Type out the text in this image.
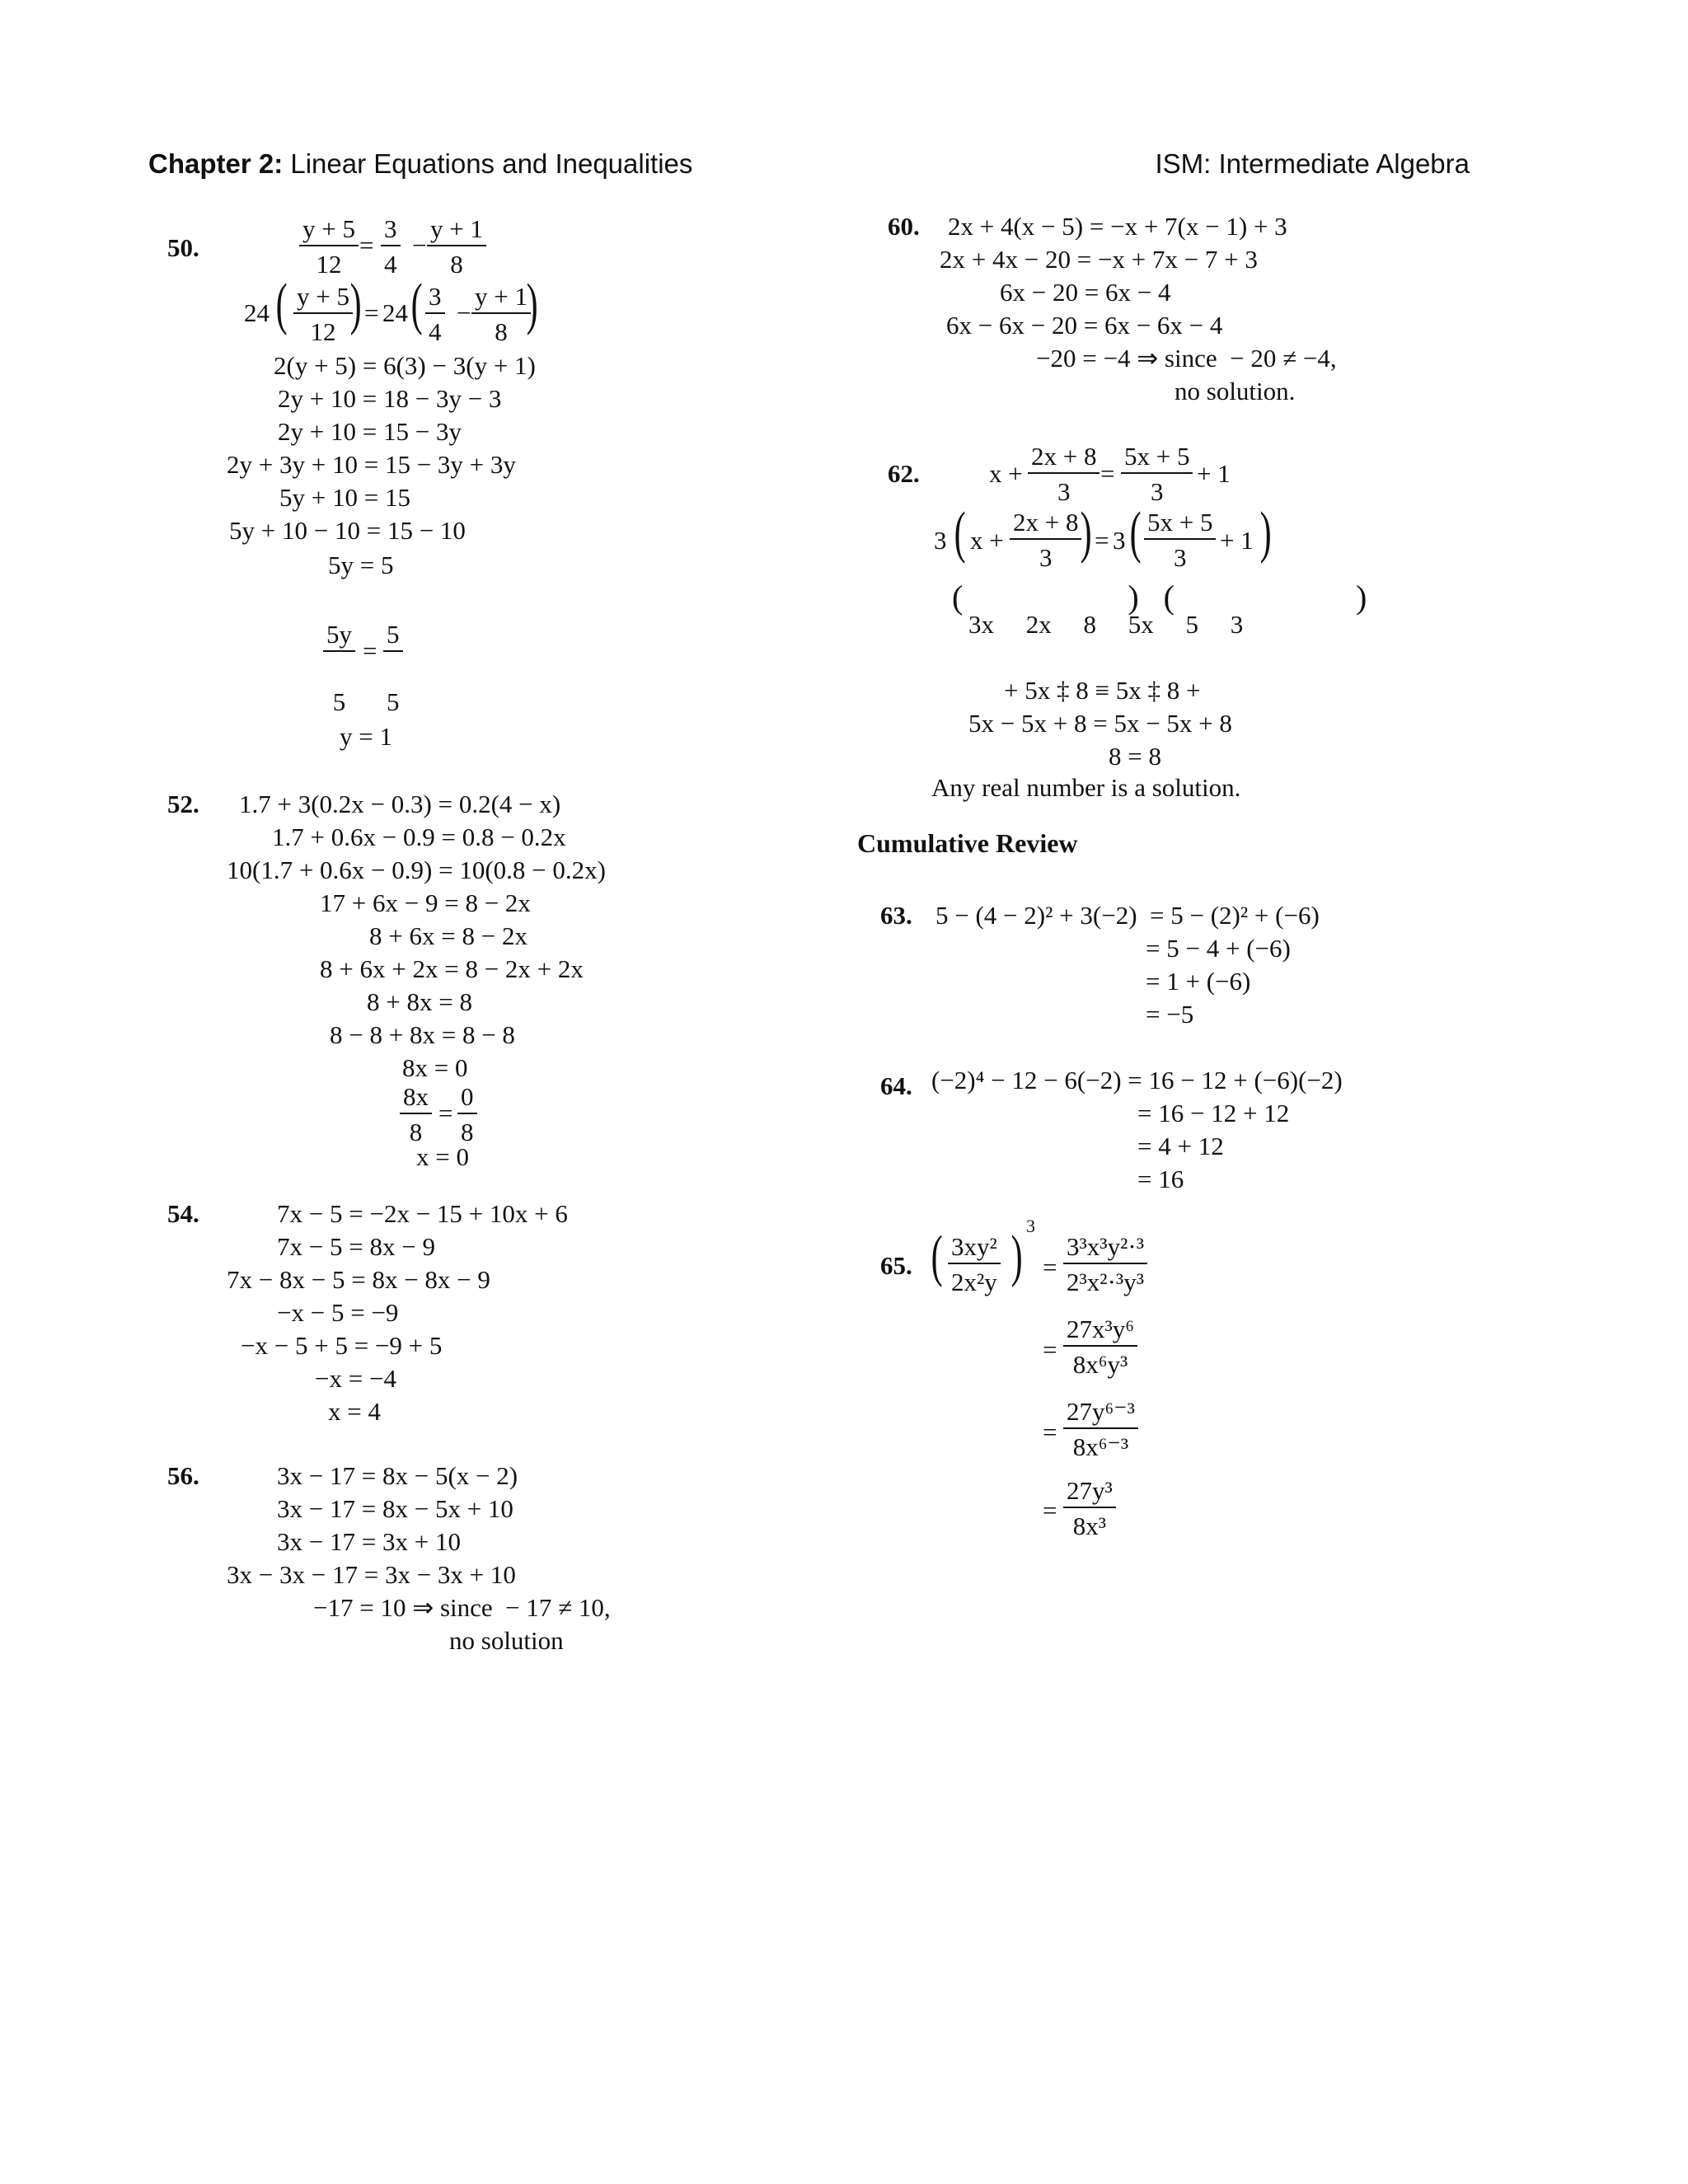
Chapter 2: Linear Equations and Inequalities	ISM: Intermediate Algebra
50.	$\frac{y + 5}{12} = \frac{3}{4} - \frac{y + 1}{8}$
24 ( $\frac{y + 5}{12}$
) = 24 ( $\frac{3}{4} - \frac{y + 1}{8}$
)
2(y + 5) = 6(3) − 3(y + 1)
2y + 10 = 18 − 3y − 3
2y + 10 = 15 − 3y
2y + 3y + 10 = 15 − 3y + 3y
5y + 10 = 15
5y + 10 − 10 = 15 − 10
5y = 5
$\frac{5y}{5} = \frac{5}{5}$
y = 1
52. 1.7 + 3(0.2x − 0.3) = 0.2(4 − x)
1.7 + 0.6x − 0.9 = 0.8 − 0.2x
10(1.7 + 0.6x − 0.9) = 10(0.8 − 0.2x)
17 + 6x − 9 = 8 − 2x
8 + 6x = 8 − 2x
8 + 6x + 2x = 8 − 2x + 2x
8 + 8x = 8
8 − 8 + 8x = 8 − 8
8x = 0
$\frac{8x}{8} = \frac{0}{8}$
x = 0
54.	7x − 5 = −2x − 15 + 10x + 6
7x − 5 = 8x − 9
7x − 8x − 5 = 8x − 8x − 9
−x − 5 = −9
−x − 5 + 5 = −9 + 5
−x = −4
x = 4
56.	3x − 17 = 8x − 5(x − 2)
3x − 17 = 8x − 5x + 10
3x − 17 = 3x + 10
3x − 3x − 17 = 3x − 3x + 10
−17 = 10 ⇒ since  − 17 ≠ 10,
no solution
60. 2x + 4(x − 5) = −x + 7(x − 1) + 3
2x + 4x − 20 = −x + 7x − 7 + 3
6x − 20 = 6x − 4
6x − 6x − 20 = 6x − 6x − 4
−20 = −4 ⇒ since  − 20 ≠ −4,
no solution.
62.	$x + \frac{2x + 8}{3} = \frac{5x + 5}{3} + 1$
3 ( $x + \frac{2x + 8}{3}$
) = 3 ( $\frac{5x + 5}{3} + 1$ )
(                    )   (                      )
3x     2x     8     5x     5     3
+ 5x ‡ 8 ≡ 5x ‡ 8 +
5x − 5x + 8 = 5x − 5x + 8
8 = 8
Any real number is a solution.
Cumulative Review
63. 5 − (4 − 2)² + 3(−2)  = 5 − (2)² + (−6)
= 5 − 4 + (−6)
= 1 + (−6)
= −5
64. (−2)⁴ − 12 − 6(−2) = 16 − 12 + (−6)(−2)
= 16 − 12 + 12
= 4 + 12
= 16
65. ( $\frac{\text{3xy²}}{\text{2x²y}}$ ) 3
= $\frac{\text{3³x³y²·³}}{\text{2³x²·³y³}}$
= $\frac{\text{27x³y⁶}}{\text{8x⁶y³}}$
= $\frac{\text{27y⁶⁻³}}{\text{8x⁶⁻³}}$
= $\frac{\text{27y³}}{\text{8x³}}$
